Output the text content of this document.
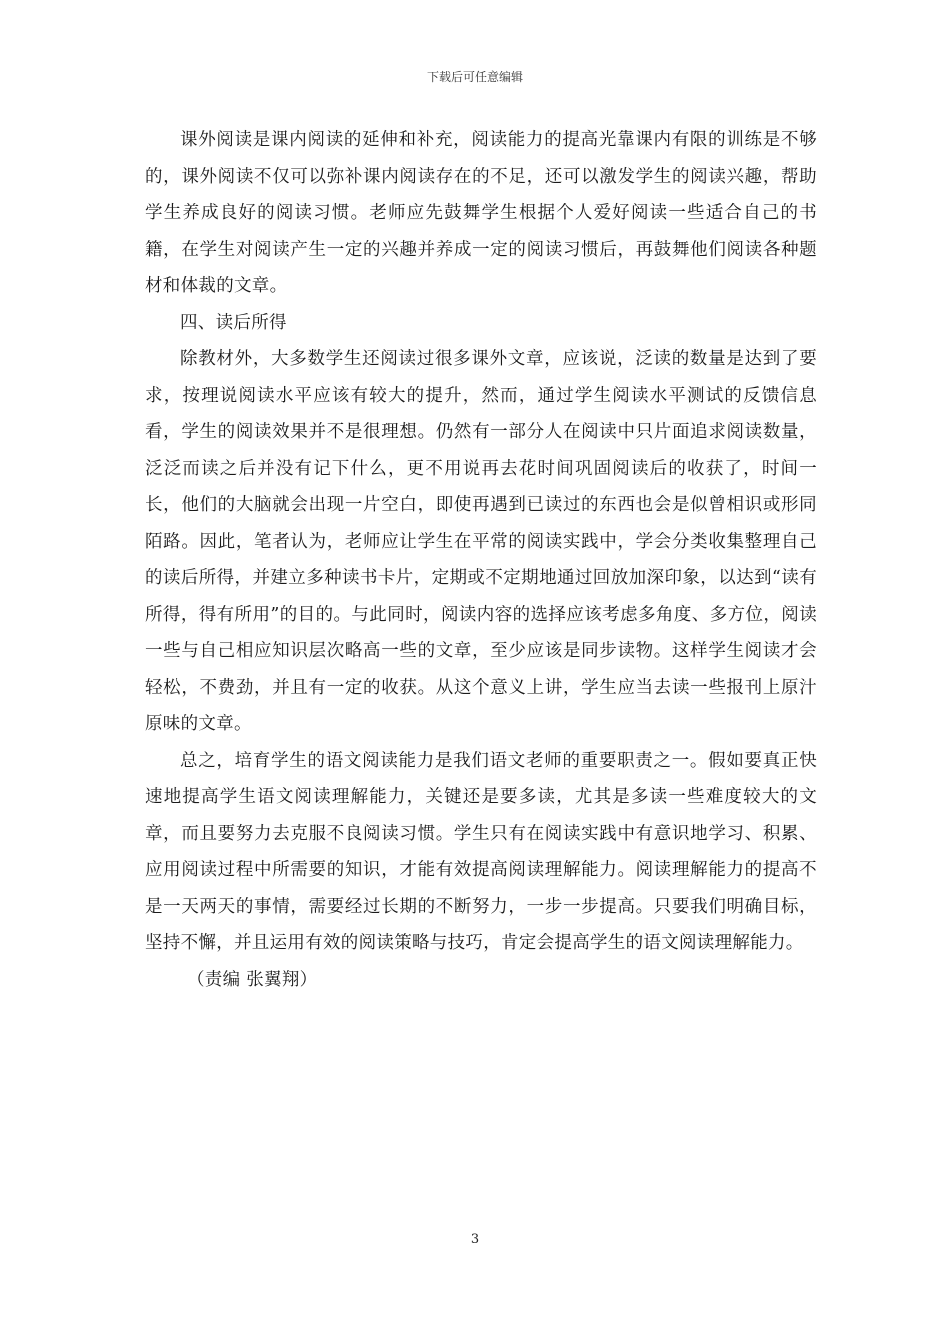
下载后可任意编辑

课外阅读是课内阅读的延伸和补充，阅读能力的提高光靠课内有限的训练是不够的，课外阅读不仅可以弥补课内阅读存在的不足，还可以激发学生的阅读兴趣，帮助学生养成良好的阅读习惯。老师应先鼓舞学生根据个人爱好阅读一些适合自己的书籍，在学生对阅读产生一定的兴趣并养成一定的阅读习惯后，再鼓舞他们阅读各种题材和体裁的文章。

四、读后所得

除教材外，大多数学生还阅读过很多课外文章，应该说，泛读的数量是达到了要求，按理说阅读水平应该有较大的提升，然而，通过学生阅读水平测试的反馈信息看，学生的阅读效果并不是很理想。仍然有一部分人在阅读中只片面追求阅读数量，泛泛而读之后并没有记下什么，更不用说再去花时间巩固阅读后的收获了，时间一长，他们的大脑就会出现一片空白，即使再遇到已读过的东西也会是似曾相识或形同陌路。因此，笔者认为，老师应让学生在平常的阅读实践中，学会分类收集整理自己的读后所得，并建立多种读书卡片，定期或不定期地通过回放加深印象，以达到“读有所得，得有所用”的目的。与此同时，阅读内容的选择应该考虑多角度、多方位，阅读一些与自己相应知识层次略高一些的文章，至少应该是同步读物。这样学生阅读才会轻松，不费劲，并且有一定的收获。从这个意义上讲，学生应当去读一些报刊上原汁原味的文章。

总之，培育学生的语文阅读能力是我们语文老师的重要职责之一。假如要真正快速地提高学生语文阅读理解能力，关键还是要多读，尤其是多读一些难度较大的文章，而且要努力去克服不良阅读习惯。学生只有在阅读实践中有意识地学习、积累、应用阅读过程中所需要的知识，才能有效提高阅读理解能力。阅读理解能力的提高不是一天两天的事情，需要经过长期的不断努力，一步一步提高。只要我们明确目标，坚持不懈，并且运用有效的阅读策略与技巧，肯定会提高学生的语文阅读理解能力。

（责编 张翼翔）

3
